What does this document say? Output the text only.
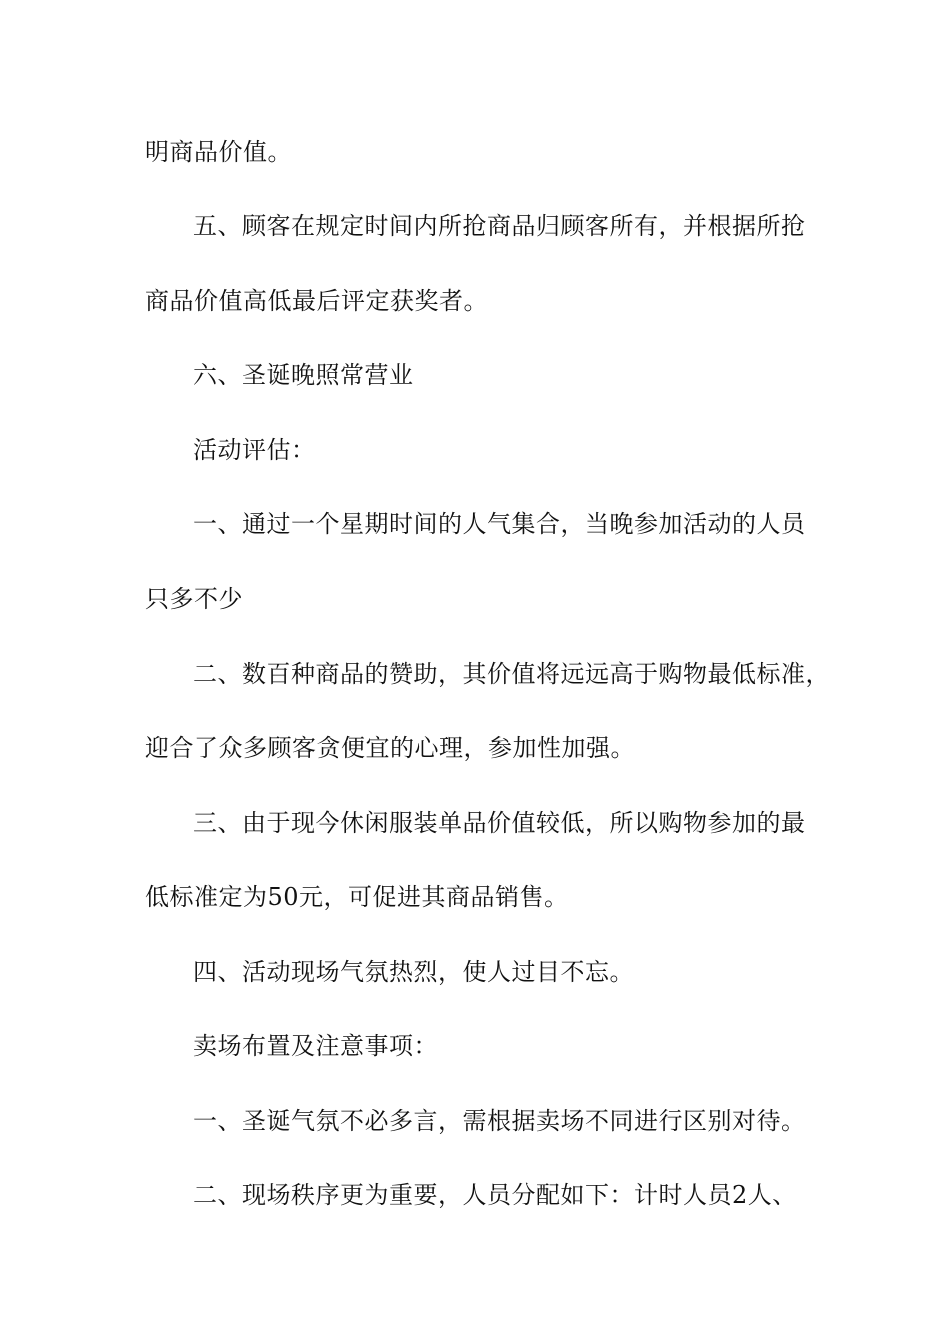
明商品价值。
五、顾客在规定时间内所抢商品归顾客所有，并根据所抢
商品价值高低最后评定获奖者。
六、圣诞晚照常营业
活动评估：
一、通过一个星期时间的人气集合，当晚参加活动的人员
只多不少
二、数百种商品的赞助，其价值将远远高于购物最低标准，
迎合了众多顾客贪便宜的心理，参加性加强。
三、由于现今休闲服装单品价值较低，所以购物参加的最
低标准定为50元，可促进其商品销售。
四、活动现场气氛热烈，使人过目不忘。
卖场布置及注意事项：
一、圣诞气氛不必多言，需根据卖场不同进行区别对待。
二、现场秩序更为重要，人员分配如下：计时人员2人、
